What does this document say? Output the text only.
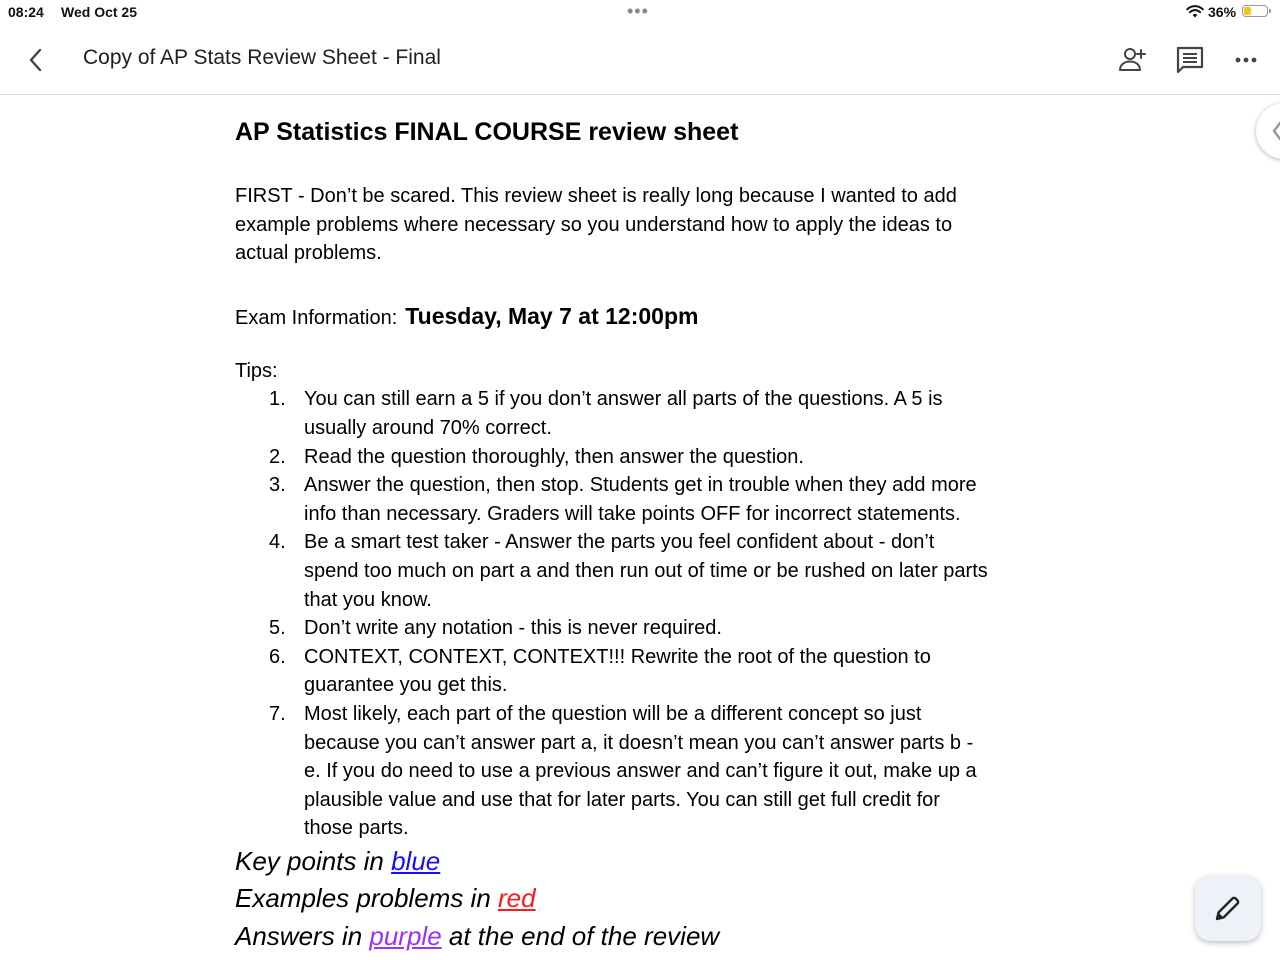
08:24 Wed Oct 25	•••	36%
Copy of AP Stats Review Sheet - Final
AP Statistics FINAL COURSE review sheet
FIRST - Don’t be scared. This review sheet is really long because I wanted to add
example problems where necessary so you understand how to apply the ideas to
actual problems.
Exam Information: Tuesday, May 7 at 12:00pm
Tips:
1. You can still earn a 5 if you don’t answer all parts of the questions. A 5 is
usually around 70% correct.
2. Read the question thoroughly, then answer the question.
3. Answer the question, then stop. Students get in trouble when they add more
info than necessary. Graders will take points OFF for incorrect statements.
4. Be a smart test taker - Answer the parts you feel confident about - don’t
spend too much on part a and then run out of time or be rushed on later parts
that you know.
5. Don’t write any notation - this is never required.
6. CONTEXT, CONTEXT, CONTEXT!!! Rewrite the root of the question to
guarantee you get this.
7. Most likely, each part of the question will be a different concept so just
because you can’t answer part a, it doesn’t mean you can’t answer parts b -
e. If you do need to use a previous answer and can’t figure it out, make up a
plausible value and use that for later parts. You can still get full credit for
those parts.
Key points in blue
Examples problems in red
Answers in purple at the end of the review
